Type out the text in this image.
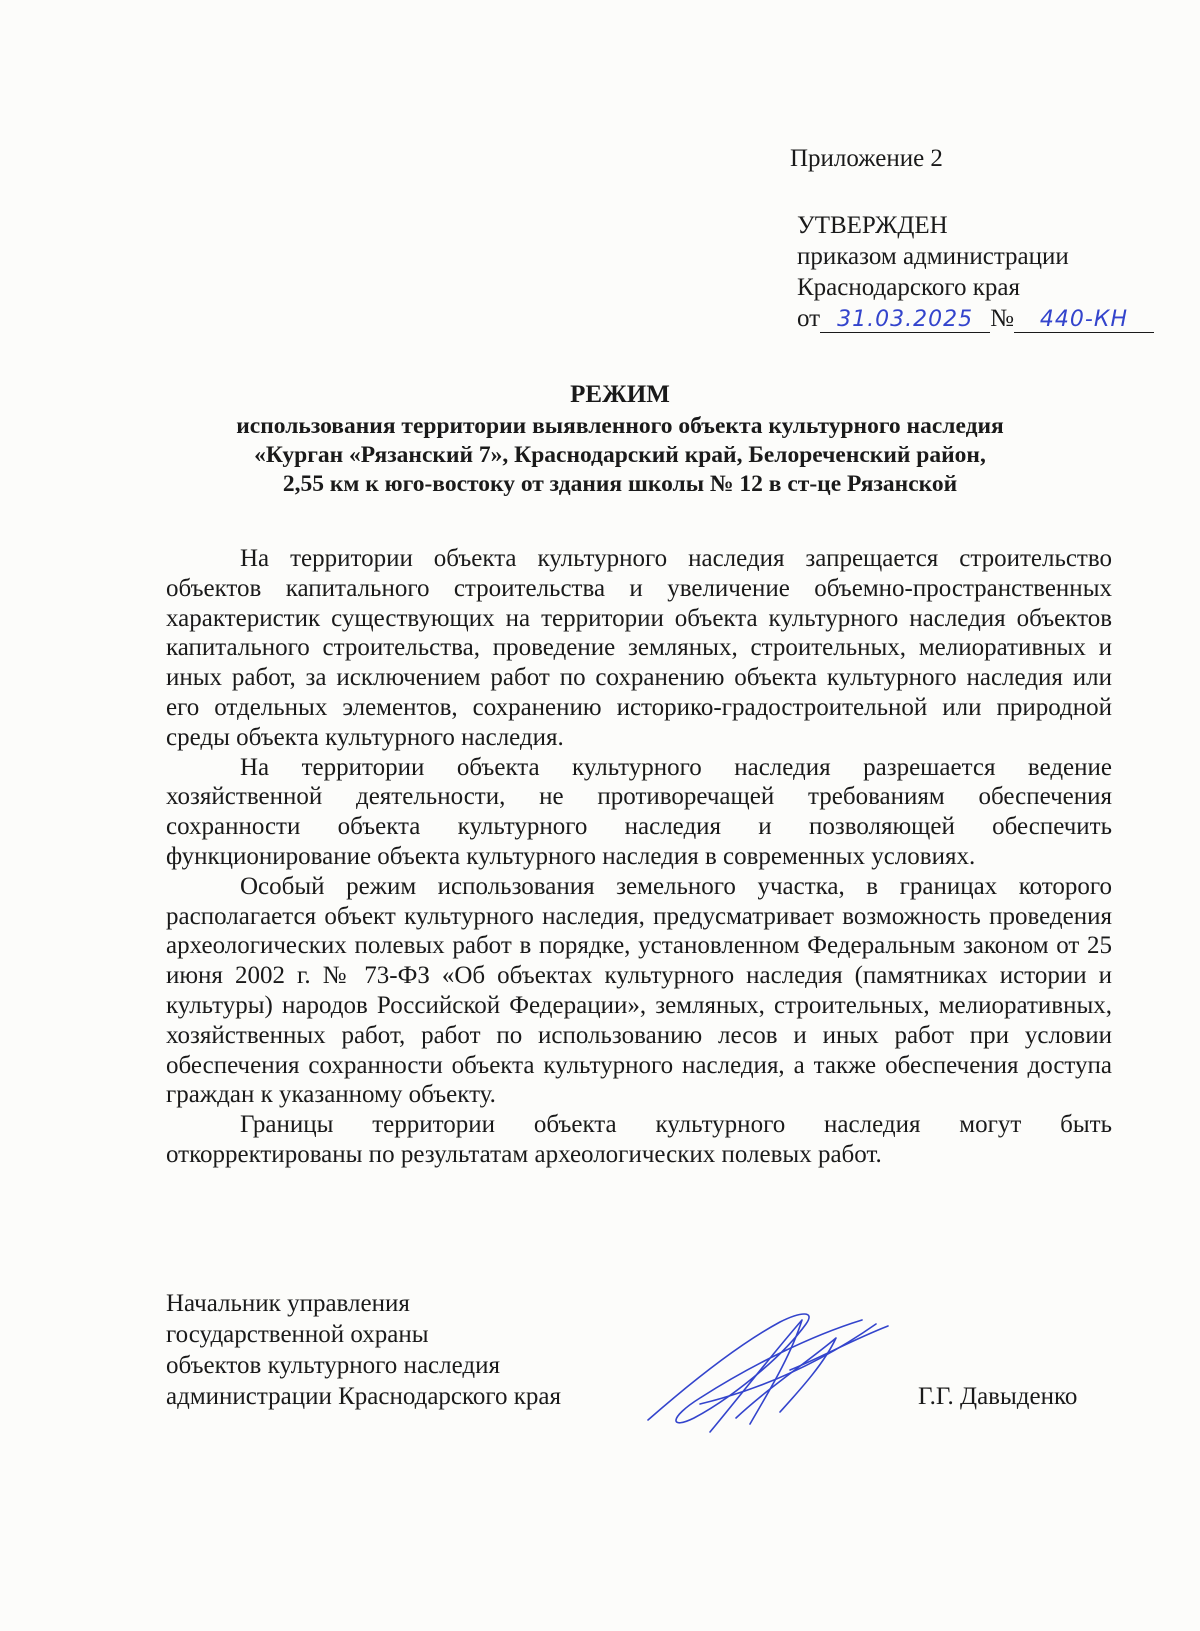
Приложение 2
УТВЕРЖДЕН
приказом администрации
Краснодарского края
от 31.03.2025 № 440-КН
РЕЖИМ
использования территории выявленного объекта культурного наследия
«Курган «Рязанский 7», Краснодарский край, Белореченский район,
2,55 км к юго-востоку от здания школы № 12 в ст-це Рязанской

На территории объекта культурного наследия запрещается строительство объектов капитального строительства и увеличение объемно-пространственных характеристик существующих на территории объекта культурного наследия объектов капитального строительства, проведение земляных, строительных, мелиоративных и иных работ, за исключением работ по сохранению объекта культурного наследия или его отдельных элементов, сохранению историко-градостроительной или природной среды объекта культурного наследия.

На территории объекта культурного наследия разрешается ведение хозяйственной деятельности, не противоречащей требованиям обеспечения сохранности объекта культурного наследия и позволяющей обеспечить функционирование объекта культурного наследия в современных условиях.

Особый режим использования земельного участка, в границах которого располагается объект культурного наследия, предусматривает возможность проведения археологических полевых работ в порядке, установленном Федеральным законом от 25 июня 2002 г. № 73-ФЗ «Об объектах культурного наследия (памятниках истории и культуры) народов Российской Федерации», земляных, строительных, мелиоративных, хозяйственных работ, работ по использованию лесов и иных работ при условии обеспечения сохранности объекта культурного наследия, а также обеспечения доступа граждан к указанному объекту.

Границы территории объекта культурного наследия могут быть откорректированы по результатам археологических полевых работ.

Начальник управления
государственной охраны
объектов культурного наследия
администрации Краснодарского края	Г.Г. Давыденко
